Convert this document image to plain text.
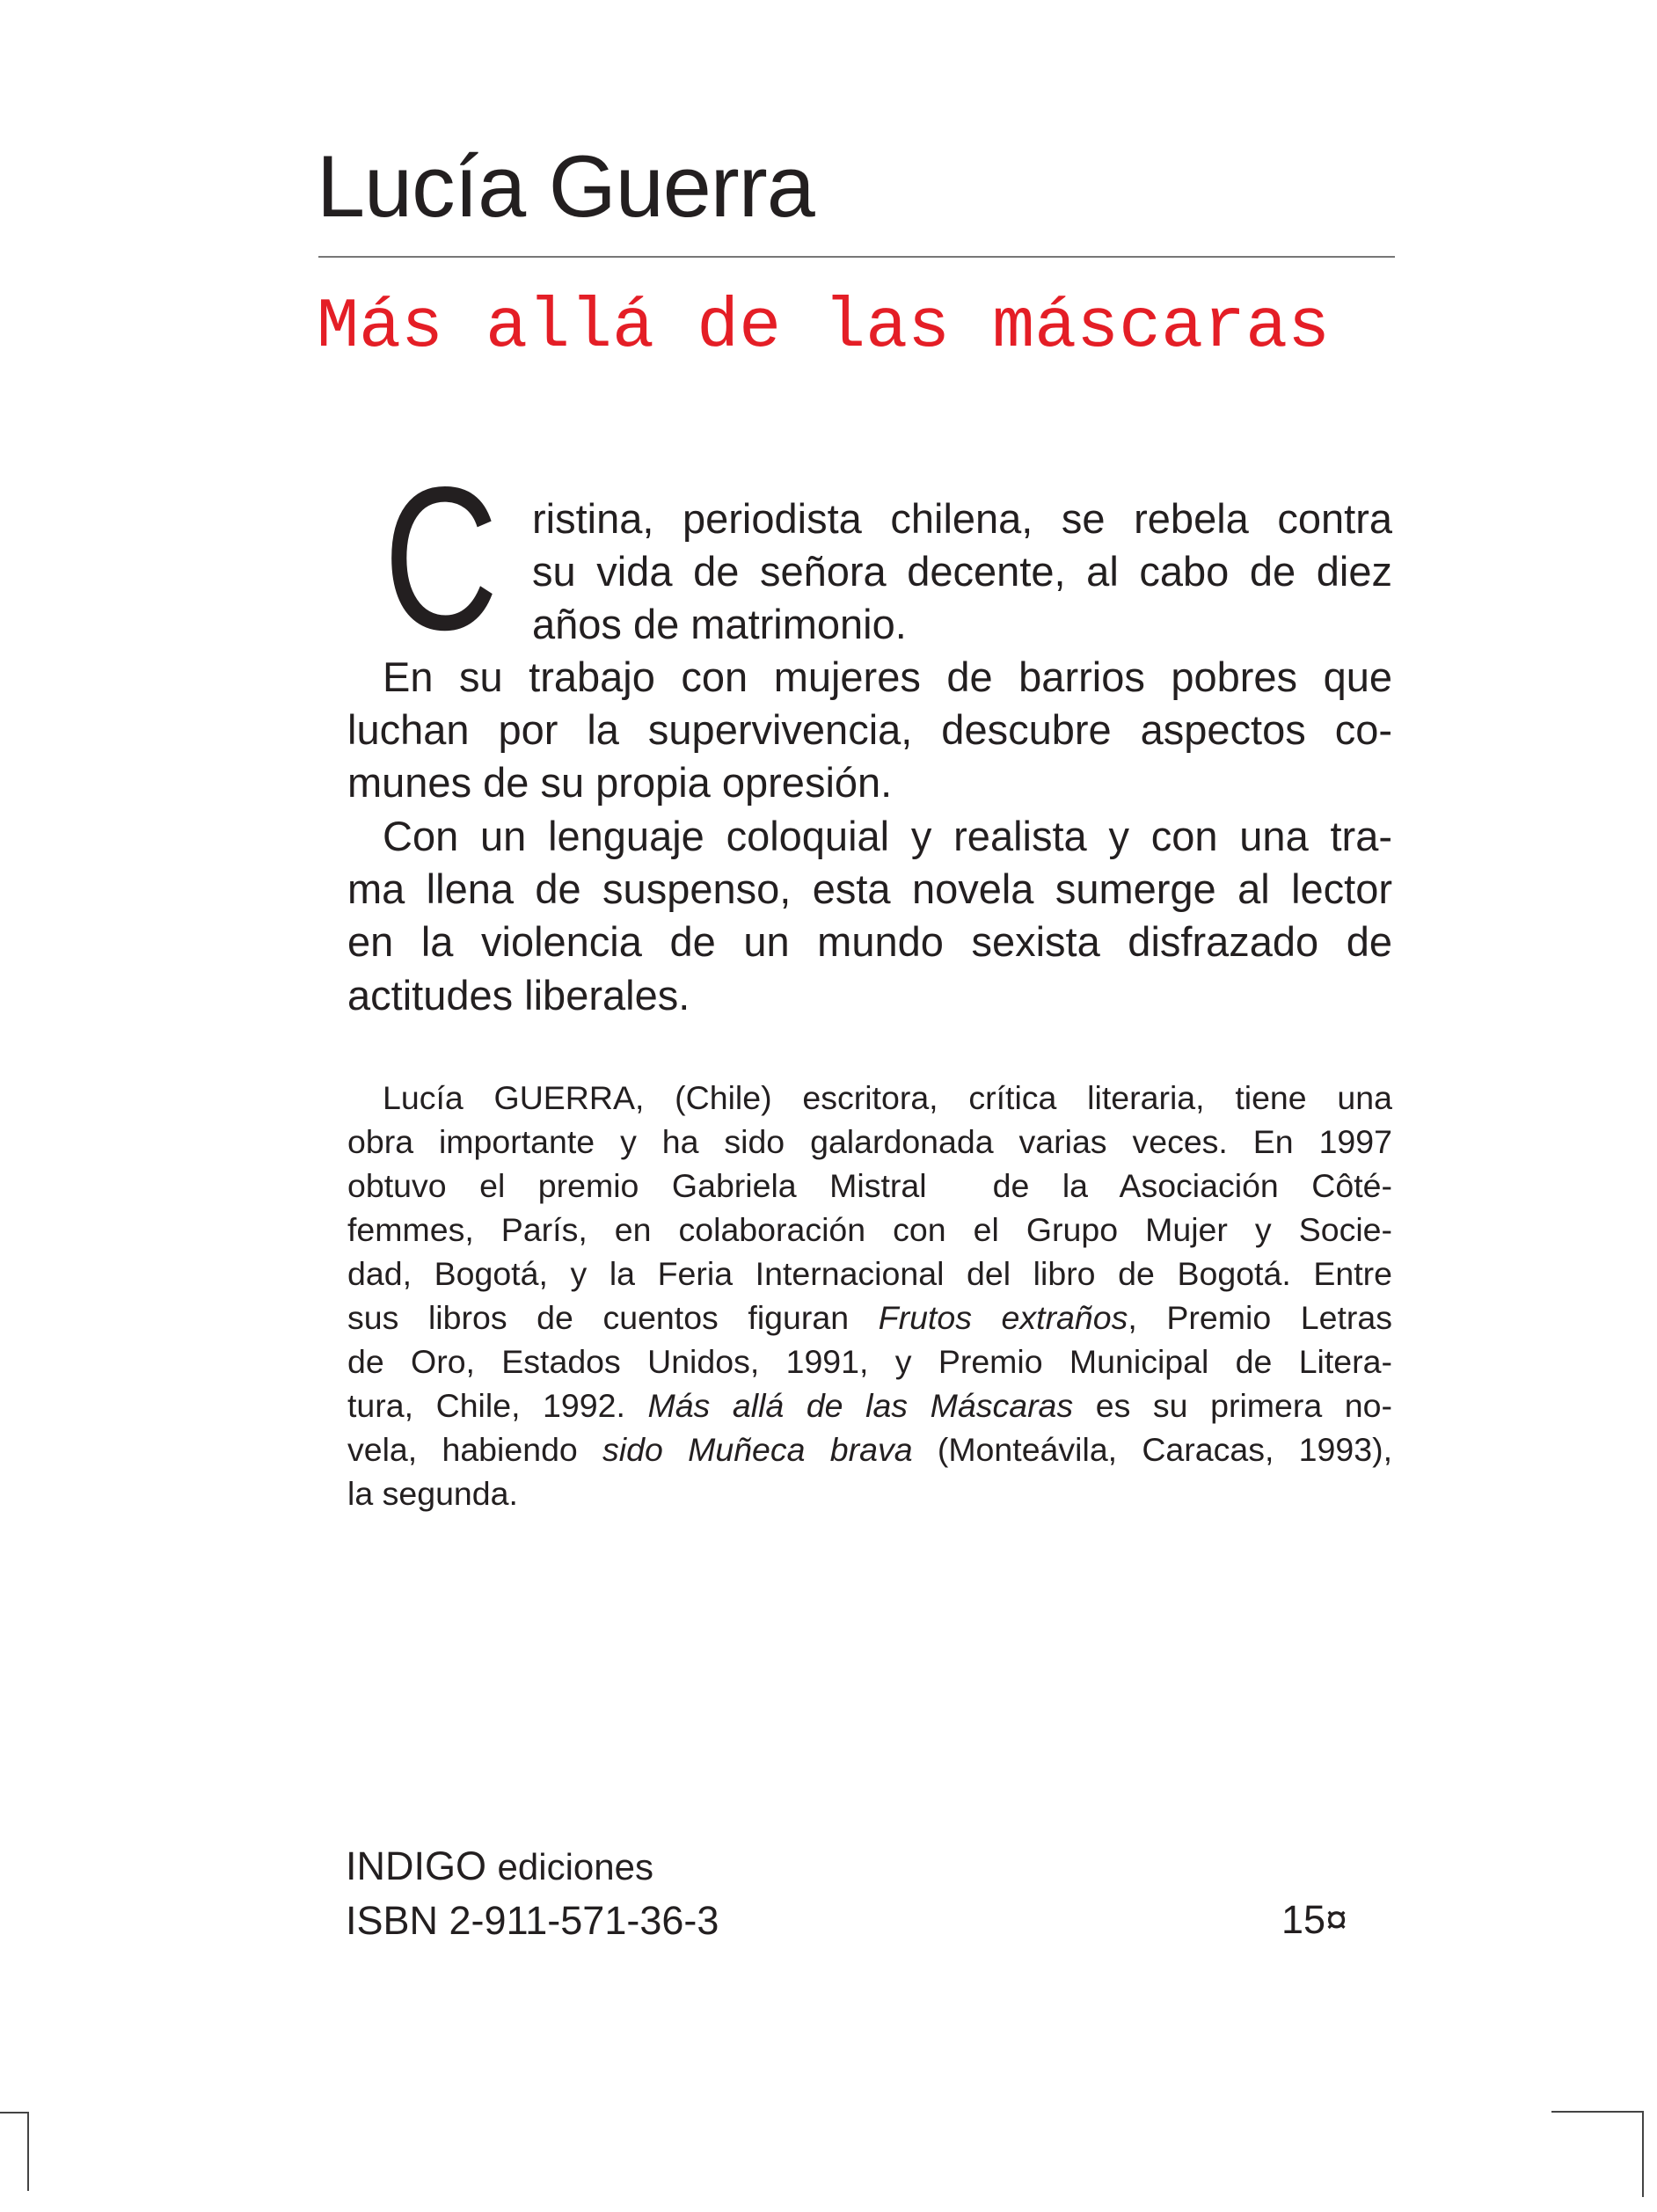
Lucía Guerra
Más allá de las máscaras
C ristina, periodista chilena, se rebela contra
su vida de señora decente, al cabo de diez
años de matrimonio.
En su trabajo con mujeres de barrios pobres que
luchan por la supervivencia, descubre aspectos co-
munes de su propia opresión.
Con un lenguaje coloquial y realista y con una tra-
ma llena de suspenso, esta novela sumerge al lector
en la violencia de un mundo sexista disfrazado de
actitudes liberales.
Lucía GUERRA, (Chile) escritora, crítica literaria, tiene una
obra importante y ha sido galardonada varias veces. En 1997
obtuvo el premio Gabriela Mistral  de la Asociación Côté-
femmes, París, en colaboración con el Grupo Mujer y Socie-
dad, Bogotá, y la Feria Internacional del libro de Bogotá. Entre
sus libros de cuentos figuran Frutos extraños, Premio Letras
de Oro, Estados Unidos, 1991, y Premio Municipal de Litera-
tura, Chile, 1992. Más allá de las Máscaras es su primera no-
vela, habiendo sido Muñeca brava (Monteávila, Caracas, 1993),
la segunda.
INDIGO ediciones
ISBN 2-911-571-36-3	15¤
